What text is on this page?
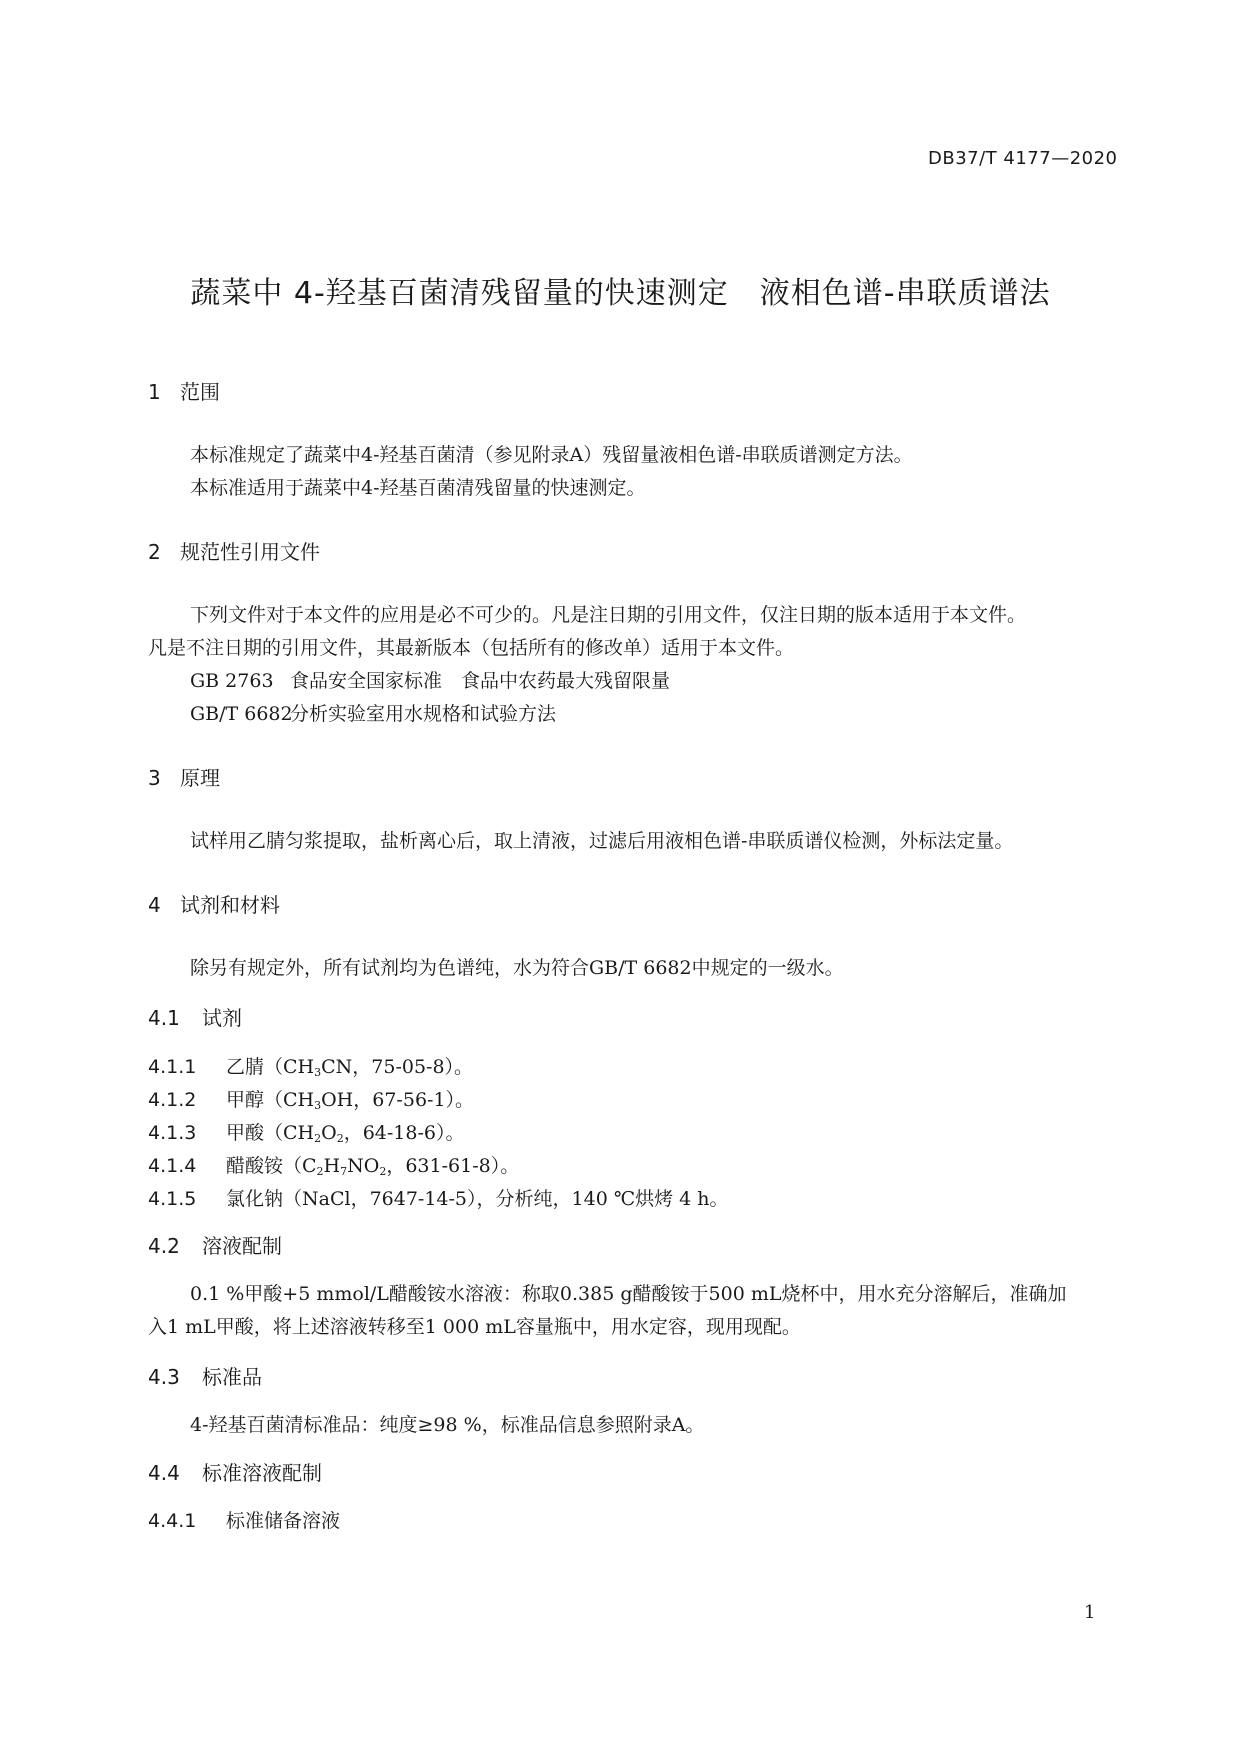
DB37/T 4177—2020
蔬菜中 4-羟基百菌清残留量的快速测定　液相色谱-串联质谱法
1 范围
本标准规定了蔬菜中4-羟基百菌清（参见附录A）残留量液相色谱-串联质谱测定方法。
本标准适用于蔬菜中4-羟基百菌清残留量的快速测定。
2 规范性引用文件
下列文件对于本文件的应用是必不可少的。凡是注日期的引用文件，仅注日期的版本适用于本文件。
凡是不注日期的引用文件，其最新版本（包括所有的修改单）适用于本文件。
GB 2763 食品安全国家标准　食品中农药最大残留限量
GB/T 6682分析实验室用水规格和试验方法
3 原理
试样用乙腈匀浆提取，盐析离心后，取上清液，过滤后用液相色谱-串联质谱仪检测，外标法定量。
4 试剂和材料
除另有规定外，所有试剂均为色谱纯，水为符合GB/T 6682中规定的一级水。
4.1 试剂
4.1.1 乙腈（$CH_3CN$，75-05-8）。
4.1.2 甲醇（$CH_3OH$，67-56-1）。
4.1.3 甲酸（$CH_2O_2$，64-18-6）。
4.1.4 醋酸铵（$C_2H_7NO_2$，631-61-8）。
4.1.5 氯化钠（NaCl，7647-14-5），分析纯，140 ℃烘烤 4 h。
4.2 溶液配制
0.1 %甲酸+5 mmol/L醋酸铵水溶液：称取0.385 g醋酸铵于500 mL烧杯中，用水充分溶解后，准确加
入1 mL甲酸，将上述溶液转移至1 000 mL容量瓶中，用水定容，现用现配。
4.3 标准品
4-羟基百菌清标准品：纯度≥98 %，标准品信息参照附录A。
4.4 标准溶液配制
4.4.1 标准储备溶液
1
